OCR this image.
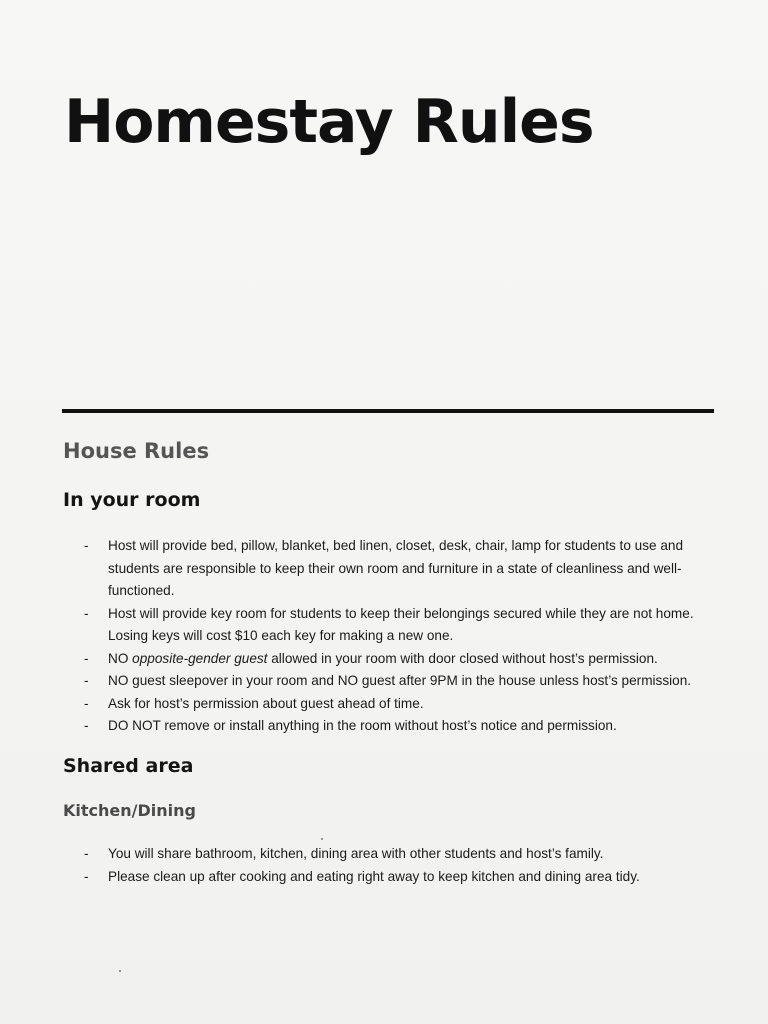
Homestay Rules
House Rules
In your room
- Host will provide bed, pillow, blanket, bed linen, closet, desk, chair, lamp for students to use and students are responsible to keep their own room and furniture in a state of cleanliness and well-functioned.
- Host will provide key room for students to keep their belongings secured while they are not home. Losing keys will cost $10 each key for making a new one.
- NO opposite-gender guest allowed in your room with door closed without host’s permission.
- NO guest sleepover in your room and NO guest after 9PM in the house unless host’s permission.
- Ask for host’s permission about guest ahead of time.
- DO NOT remove or install anything in the room without host’s notice and permission.
Shared area
Kitchen/Dining
- You will share bathroom, kitchen, dining area with other students and host’s family.
- Please clean up after cooking and eating right away to keep kitchen and dining area tidy.
